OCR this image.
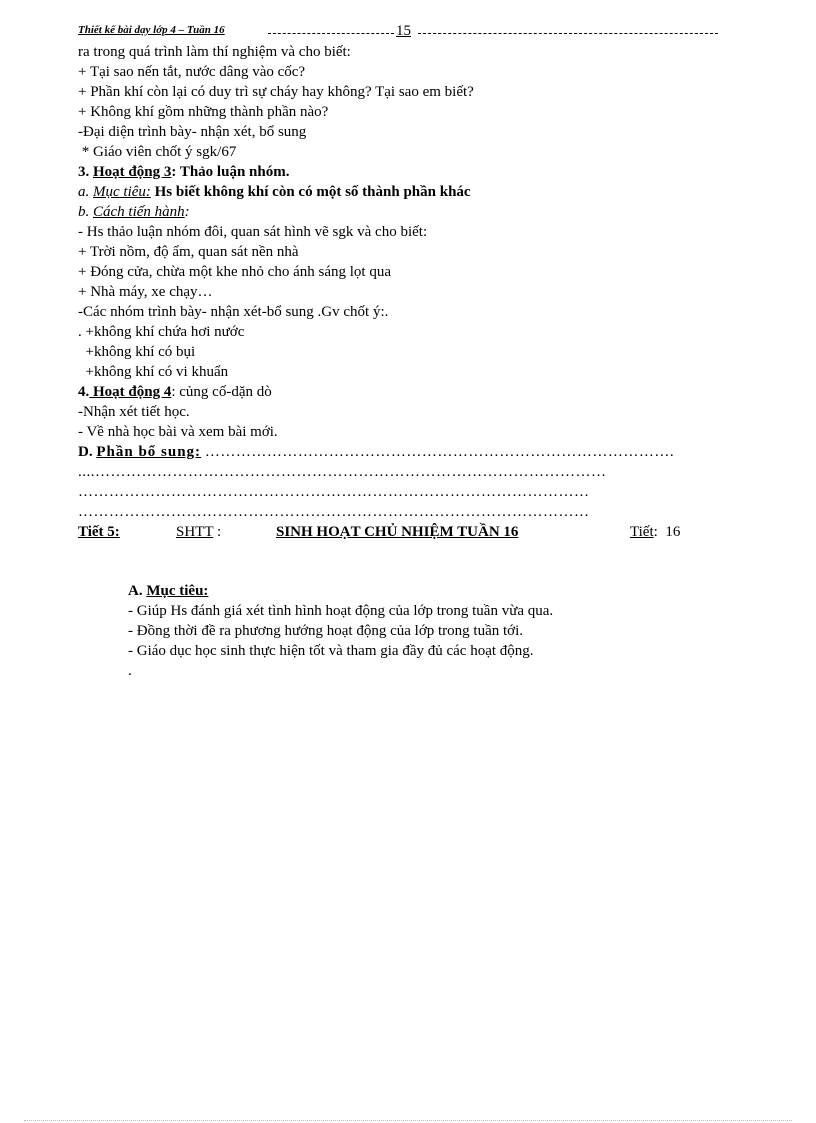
Thiết kế bài dạy lớp 4 – Tuần 16	15
ra trong quá trình làm thí nghiệm và cho biết:
+ Tại sao nến tắt, nước dâng vào cốc?
+ Phần khí còn lại có duy trì sự cháy hay không? Tại sao em biết?
+ Không khí gồm những thành phần nào?
-Đại diện trình bày- nhận xét, bổ sung
* Giáo viên chốt ý sgk/67
3. Hoạt động 3: Thảo luận nhóm.
a. Mục tiêu: Hs biết không khí còn có một số thành phần khác
b. Cách tiến hành:
- Hs thảo luận nhóm đôi, quan sát hình vẽ sgk và cho biết:
+ Trời nồm, độ ẩm, quan sát nền nhà
+ Đóng cửa, chừa một khe nhỏ cho ánh sáng lọt qua
+ Nhà máy, xe chạy…
-Các nhóm trình bày- nhận xét-bổ sung .Gv chốt ý:.
. +không khí chứa hơi nước
+không khí có bụi
+không khí có vi khuẩn
4. Hoạt động 4: củng cố-dặn dò
-Nhận xét tiết học.
- Về nhà học bài và xem bài mới.
D. Phần bổ sung: ……………………………………………………………………………….
....………………………………………………………………………………………
………………………………………………………………………………………
………………………………………………………………………………………
Tiết 5:	SHTT :	SINH HOẠT CHỦ NHIỆM TUẦN 16	Tiết: 16
A. Mục tiêu:
- Giúp Hs đánh giá xét tình hình hoạt động của lớp trong tuần vừa qua.
- Đồng thời đề ra phương hướng hoạt động của lớp trong tuần tới.
- Giáo dục học sinh thực hiện tốt và tham gia đầy đủ các hoạt động.
.
